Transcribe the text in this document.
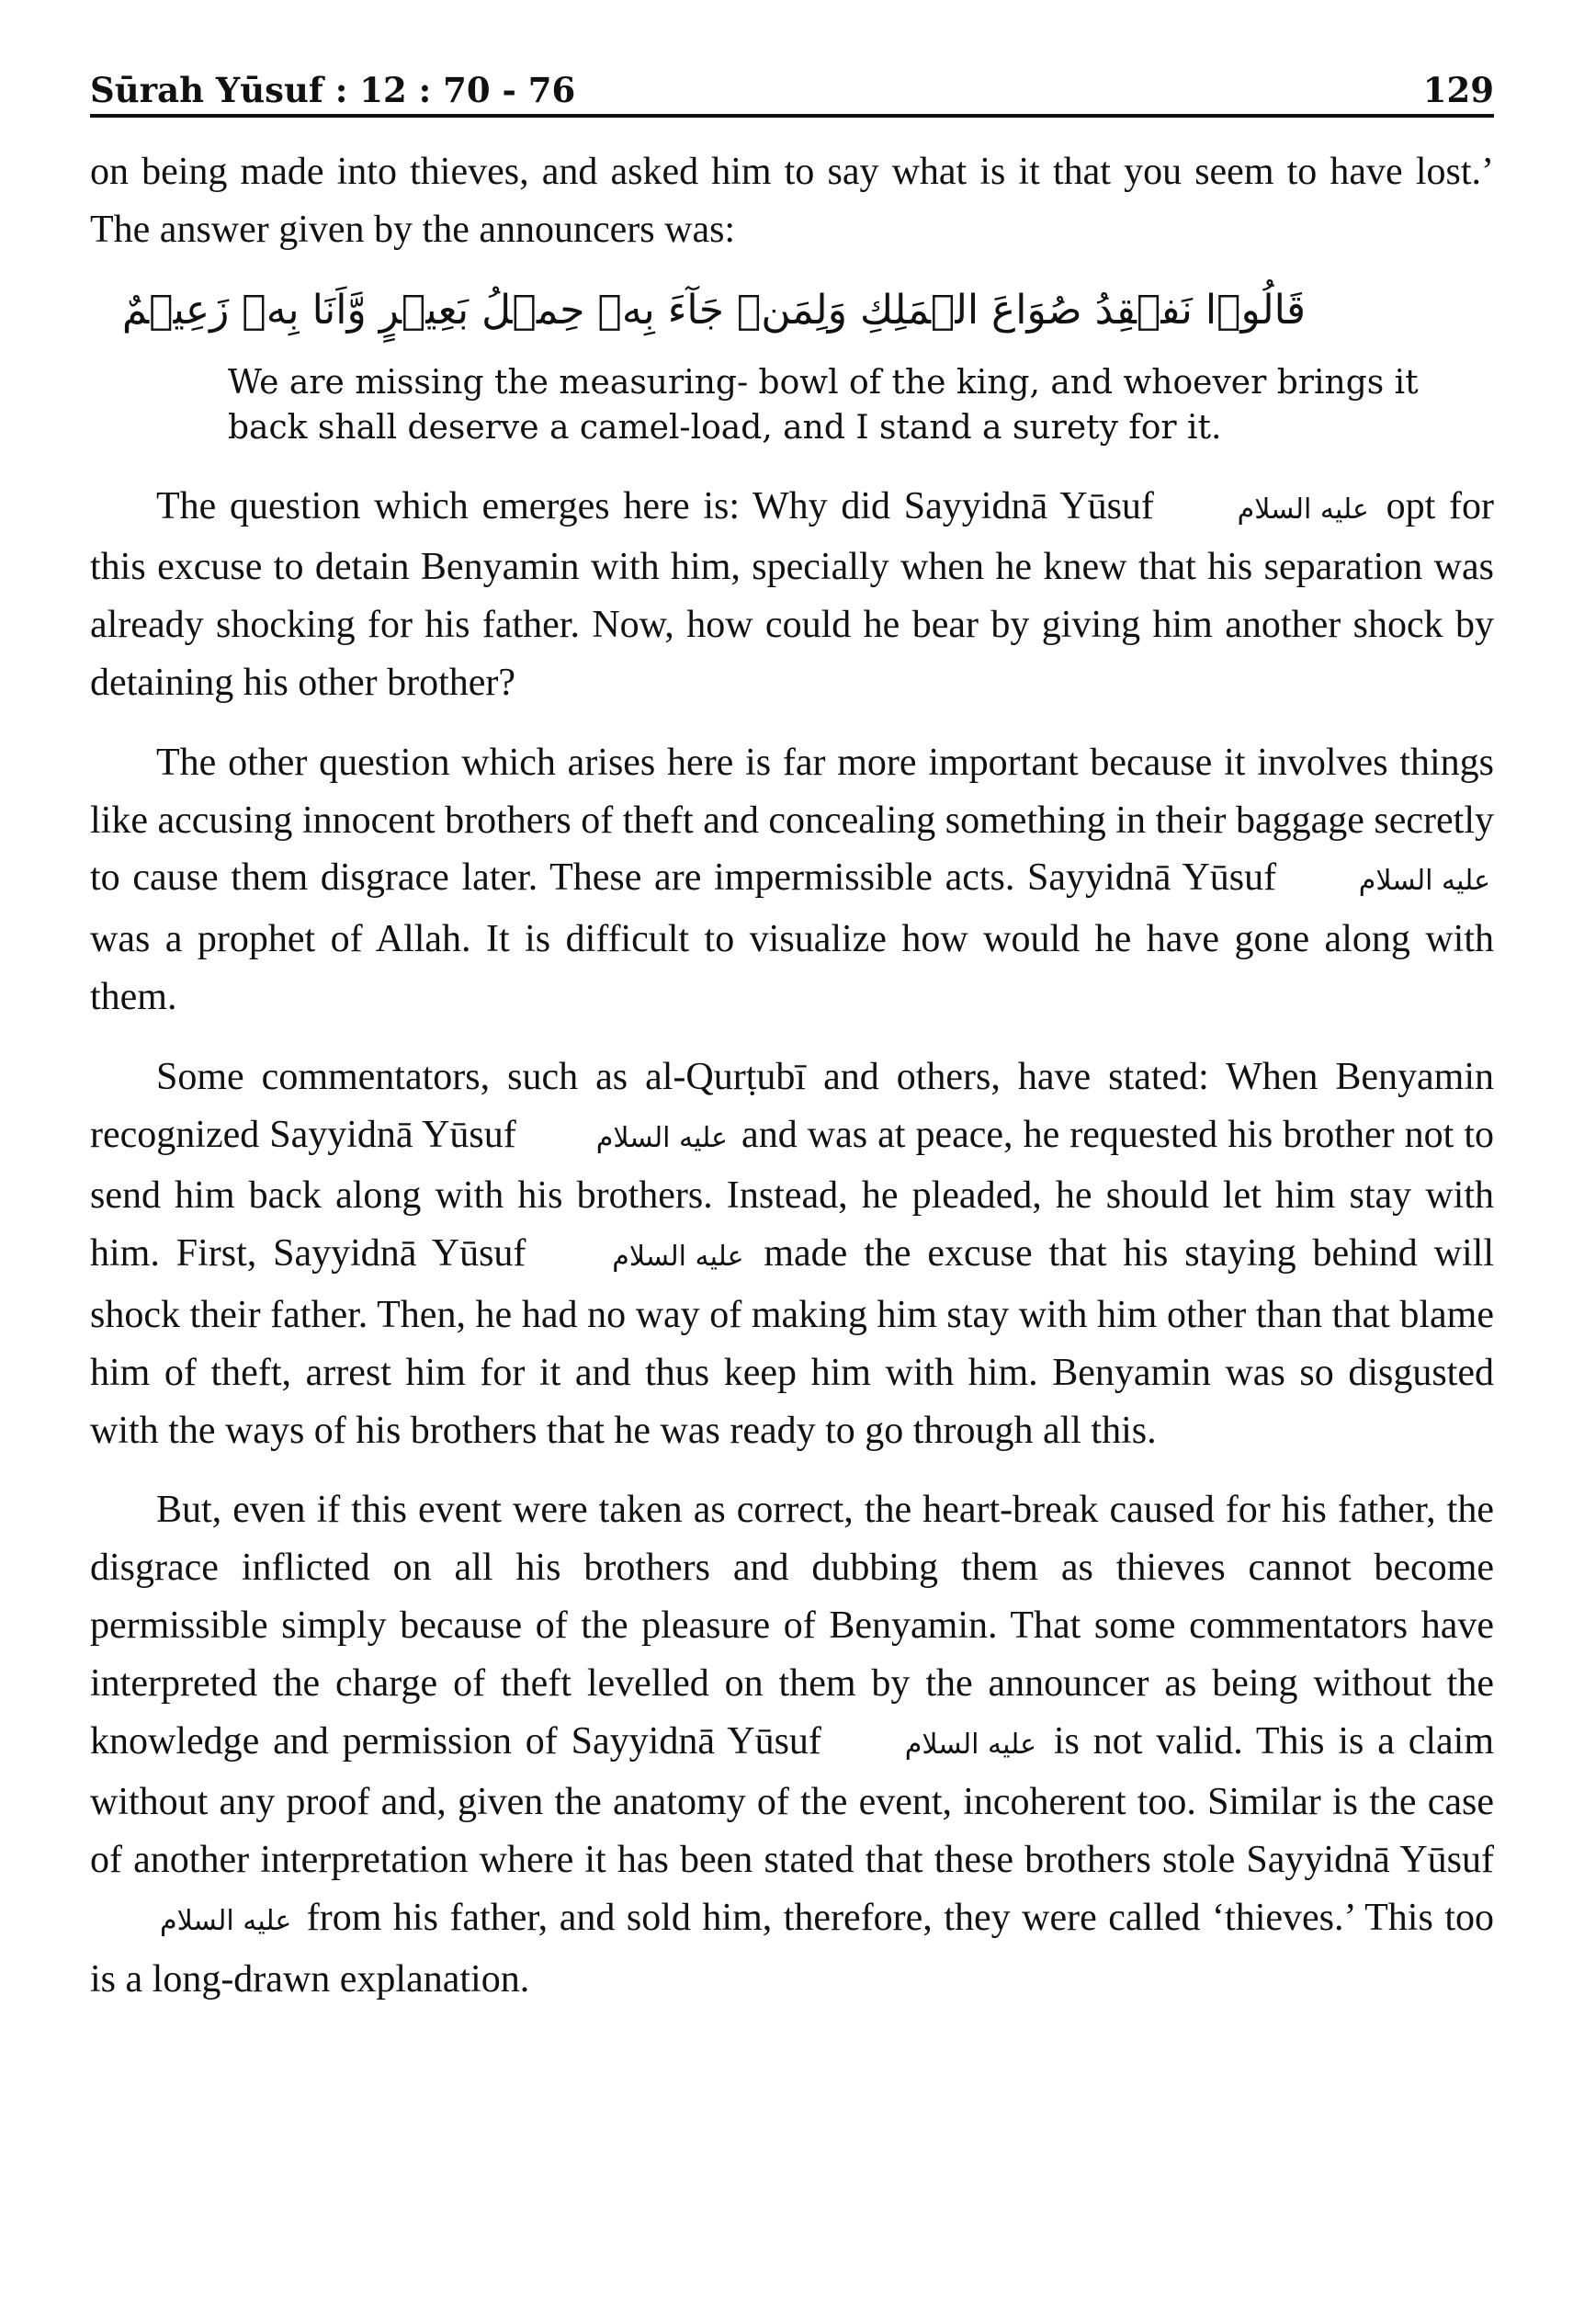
Sūrah Yūsuf : 12 : 70 - 76	129

on being made into thieves, and asked him to say what is it that you seem to have lost.’ The answer given by the announcers was:

قَالُوۡا نَفۡقِدُ صُوَاعَ الۡمَلِكِ وَلِمَنۡ جَآءَ بِهٖ حِمۡلُ بَعِيۡرٍ وَّاَنَا بِهٖ زَعِيۡمٌ
We are missing the measuring- bowl of the king, and whoever brings it back shall deserve a camel-load, and I stand a surety for it.

The question which emerges here is: Why did Sayyidnā Yūsuf	عليه السلام opt for this excuse to detain Benyamin with him, specially when he knew that his separation was already shocking for his father. Now, how could he bear by giving him another shock by detaining his other brother?

The other question which arises here is far more important because it involves things like accusing innocent brothers of theft and concealing something in their baggage secretly to cause them disgrace later. These are impermissible acts. Sayyidnā Yūsuf	عليه السلام was a prophet of Allah. It is difficult to visualize how would he have gone along with them.

Some commentators, such as al-Qurṭubī and others, have stated: When Benyamin recognized Sayyidnā Yūsuf	عليه السلام and was at peace, he requested his brother not to send him back along with his brothers. Instead, he pleaded, he should let him stay with him. First, Sayyidnā Yūsuf	عليه السلام made the excuse that his staying behind will shock their father. Then, he had no way of making him stay with him other than that blame him of theft, arrest him for it and thus keep him with him. Benyamin was so disgusted with the ways of his brothers that he was ready to go through all this.

But, even if this event were taken as correct, the heart-break caused for his father, the disgrace inflicted on all his brothers and dubbing them as thieves cannot become permissible simply because of the pleasure of Benyamin. That some commentators have interpreted the charge of theft levelled on them by the announcer as being without the knowledge and permission of Sayyidnā Yūsuf	عليه السلام is not valid. This is a claim without any proof and, given the anatomy of the event, incoherent too. Similar is the case of another interpretation where it has been stated that these brothers stole Sayyidnā Yūsuf عليه السلام from his father, and sold him, therefore, they were called ‘thieves.’ This too is a long-drawn explanation.
